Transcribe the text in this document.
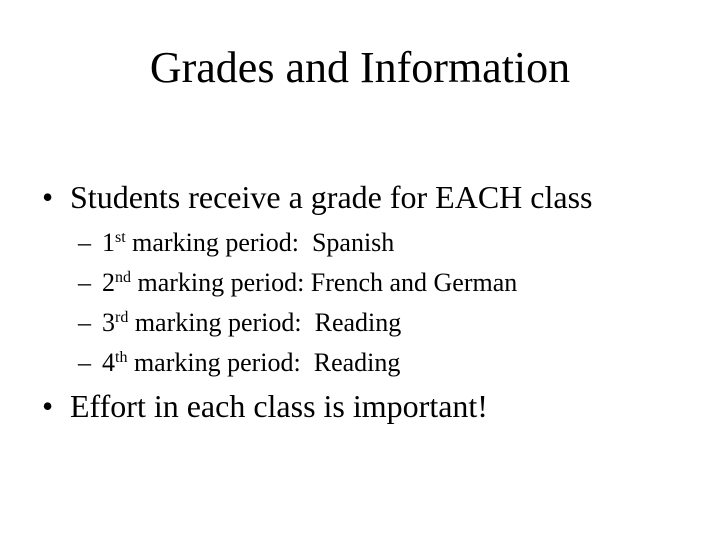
Grades and Information
• Students receive a grade for EACH class
– 1st marking period:  Spanish
– 2nd marking period: French and German
– 3rd marking period:  Reading
– 4th marking period:  Reading
• Effort in each class is important!
